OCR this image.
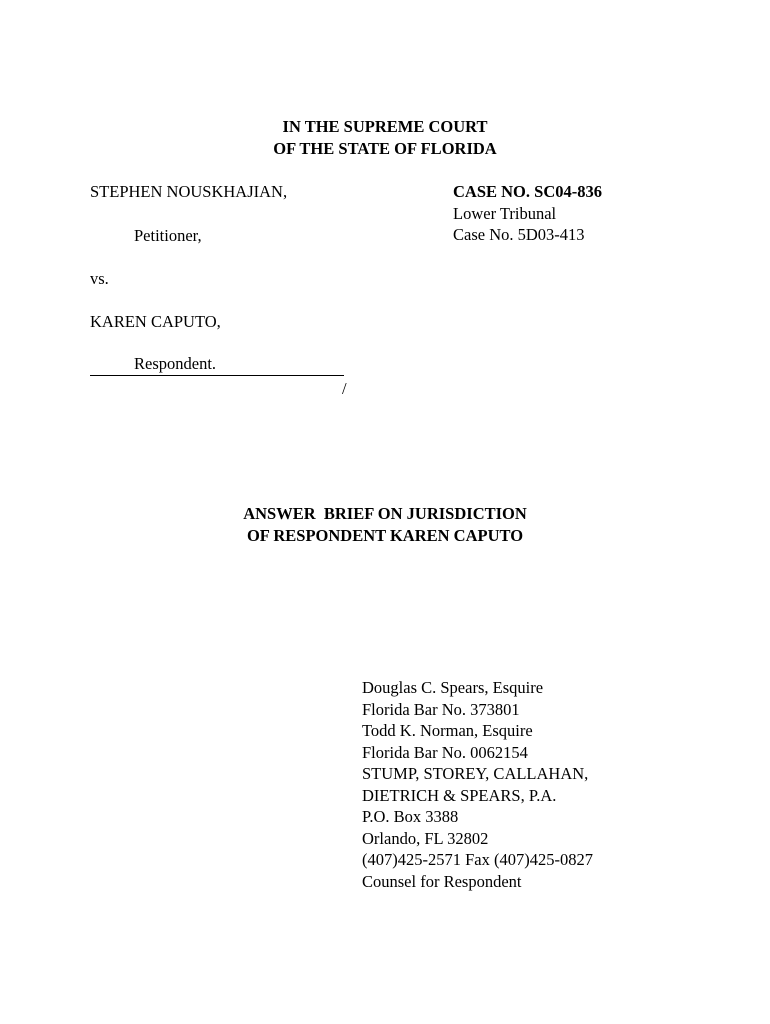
IN THE SUPREME COURT
OF THE STATE OF FLORIDA
STEPHEN NOUSKHAJIAN,
Petitioner,
CASE NO. SC04-836
Lower Tribunal
Case No. 5D03-413
vs.
KAREN CAPUTO,
Respondent.
/
ANSWER  BRIEF ON JURISDICTION
OF RESPONDENT KAREN CAPUTO
Douglas C. Spears, Esquire
Florida Bar No. 373801
Todd K. Norman, Esquire
Florida Bar No. 0062154
STUMP, STOREY, CALLAHAN,
DIETRICH & SPEARS, P.A.
P.O. Box 3388
Orlando, FL 32802
(407)425-2571 Fax (407)425-0827
Counsel for Respondent
